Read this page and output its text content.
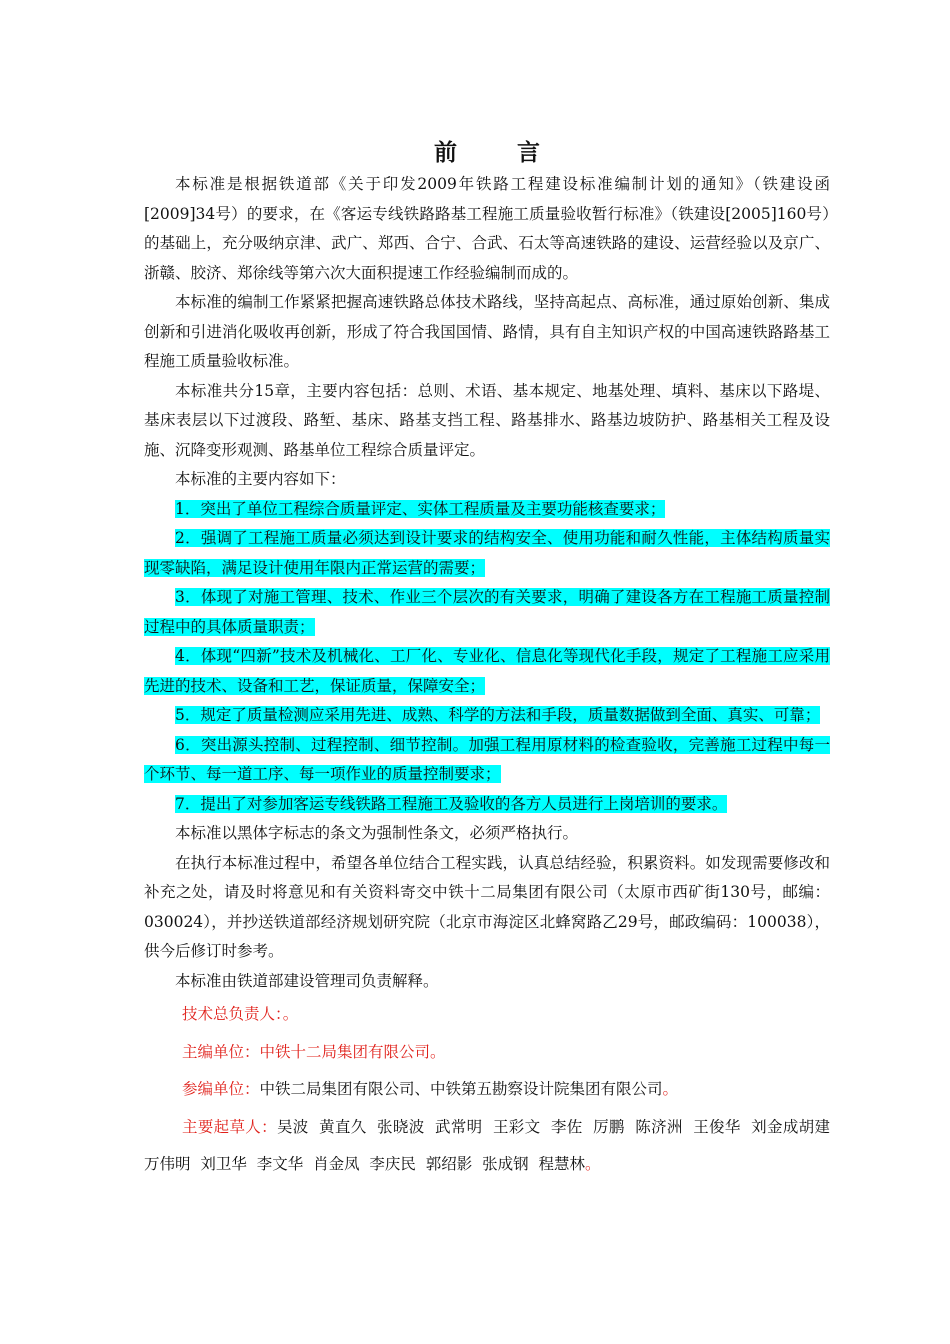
前 言

本标准是根据铁道部《关于印发2009年铁路工程建设标准编制计划的通知》（铁建设函[2009]34号）的要求，在《客运专线铁路路基工程施工质量验收暂行标准》（铁建设[2005]160号）的基础上，充分吸纳京津、武广、郑西、合宁、合武、石太等高速铁路的建设、运营经验以及京广、浙赣、胶济、郑徐线等第六次大面积提速工作经验编制而成的。

本标准的编制工作紧紧把握高速铁路总体技术路线，坚持高起点、高标准，通过原始创新、集成创新和引进消化吸收再创新，形成了符合我国国情、路情，具有自主知识产权的中国高速铁路路基工程施工质量验收标准。

本标准共分15章，主要内容包括：总则、术语、基本规定、地基处理、填料、基床以下路堤、基床表层以下过渡段、路堑、基床、路基支挡工程、路基排水、路基边坡防护、路基相关工程及设施、沉降变形观测、路基单位工程综合质量评定。

本标准的主要内容如下：

1．突出了单位工程综合质量评定、实体工程质量及主要功能核查要求；

2．强调了工程施工质量必须达到设计要求的结构安全、使用功能和耐久性能，主体结构质量实现零缺陷，满足设计使用年限内正常运营的需要；

3．体现了对施工管理、技术、作业三个层次的有关要求，明确了建设各方在工程施工质量控制过程中的具体质量职责；

4．体现“四新”技术及机械化、工厂化、专业化、信息化等现代化手段，规定了工程施工应采用先进的技术、设备和工艺，保证质量，保障安全；

5．规定了质量检测应采用先进、成熟、科学的方法和手段，质量数据做到全面、真实、可靠；

6．突出源头控制、过程控制、细节控制。加强工程用原材料的检查验收，完善施工过程中每一个环节、每一道工序、每一项作业的质量控制要求；

7．提出了对参加客运专线铁路工程施工及验收的各方人员进行上岗培训的要求。

本标准以黑体字标志的条文为强制性条文，必须严格执行。

在执行本标准过程中，希望各单位结合工程实践，认真总结经验，积累资料。如发现需要修改和补充之处，请及时将意见和有关资料寄交中铁十二局集团有限公司（太原市西矿街130号，邮编：030024），并抄送铁道部经济规划研究院（北京市海淀区北蜂窝路乙29号，邮政编码：100038），供今后修订时参考。

本标准由铁道部建设管理司负责解释。

技术总负责人：。

主编单位：中铁十二局集团有限公司。

参编单位：中铁二局集团有限公司、中铁第五勘察设计院集团有限公司。

主要起草人：吴波  黄直久  张晓波  武常明  王彩文  李佐  厉鹏  陈济洲  王俊华  刘金成胡建  万伟明  刘卫华  李文华  肖金凤  李庆民  郭绍影  张成钢  程慧林。
